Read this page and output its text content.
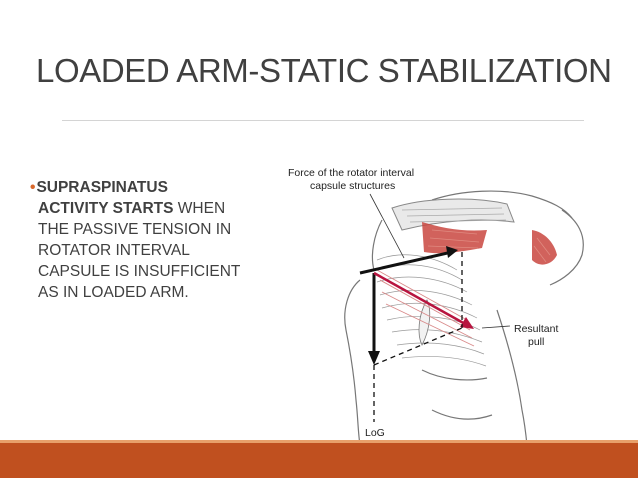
LOADED ARM-STATIC STABILIZATION
•SUPRASPINATUS
ACTIVITY STARTS WHEN
THE PASSIVE TENSION IN
ROTATOR INTERVAL
CAPSULE IS INSUFFICIENT
AS IN LOADED ARM.
Force of the rotator interval
capsule structures
Resultant
pull
LoG
